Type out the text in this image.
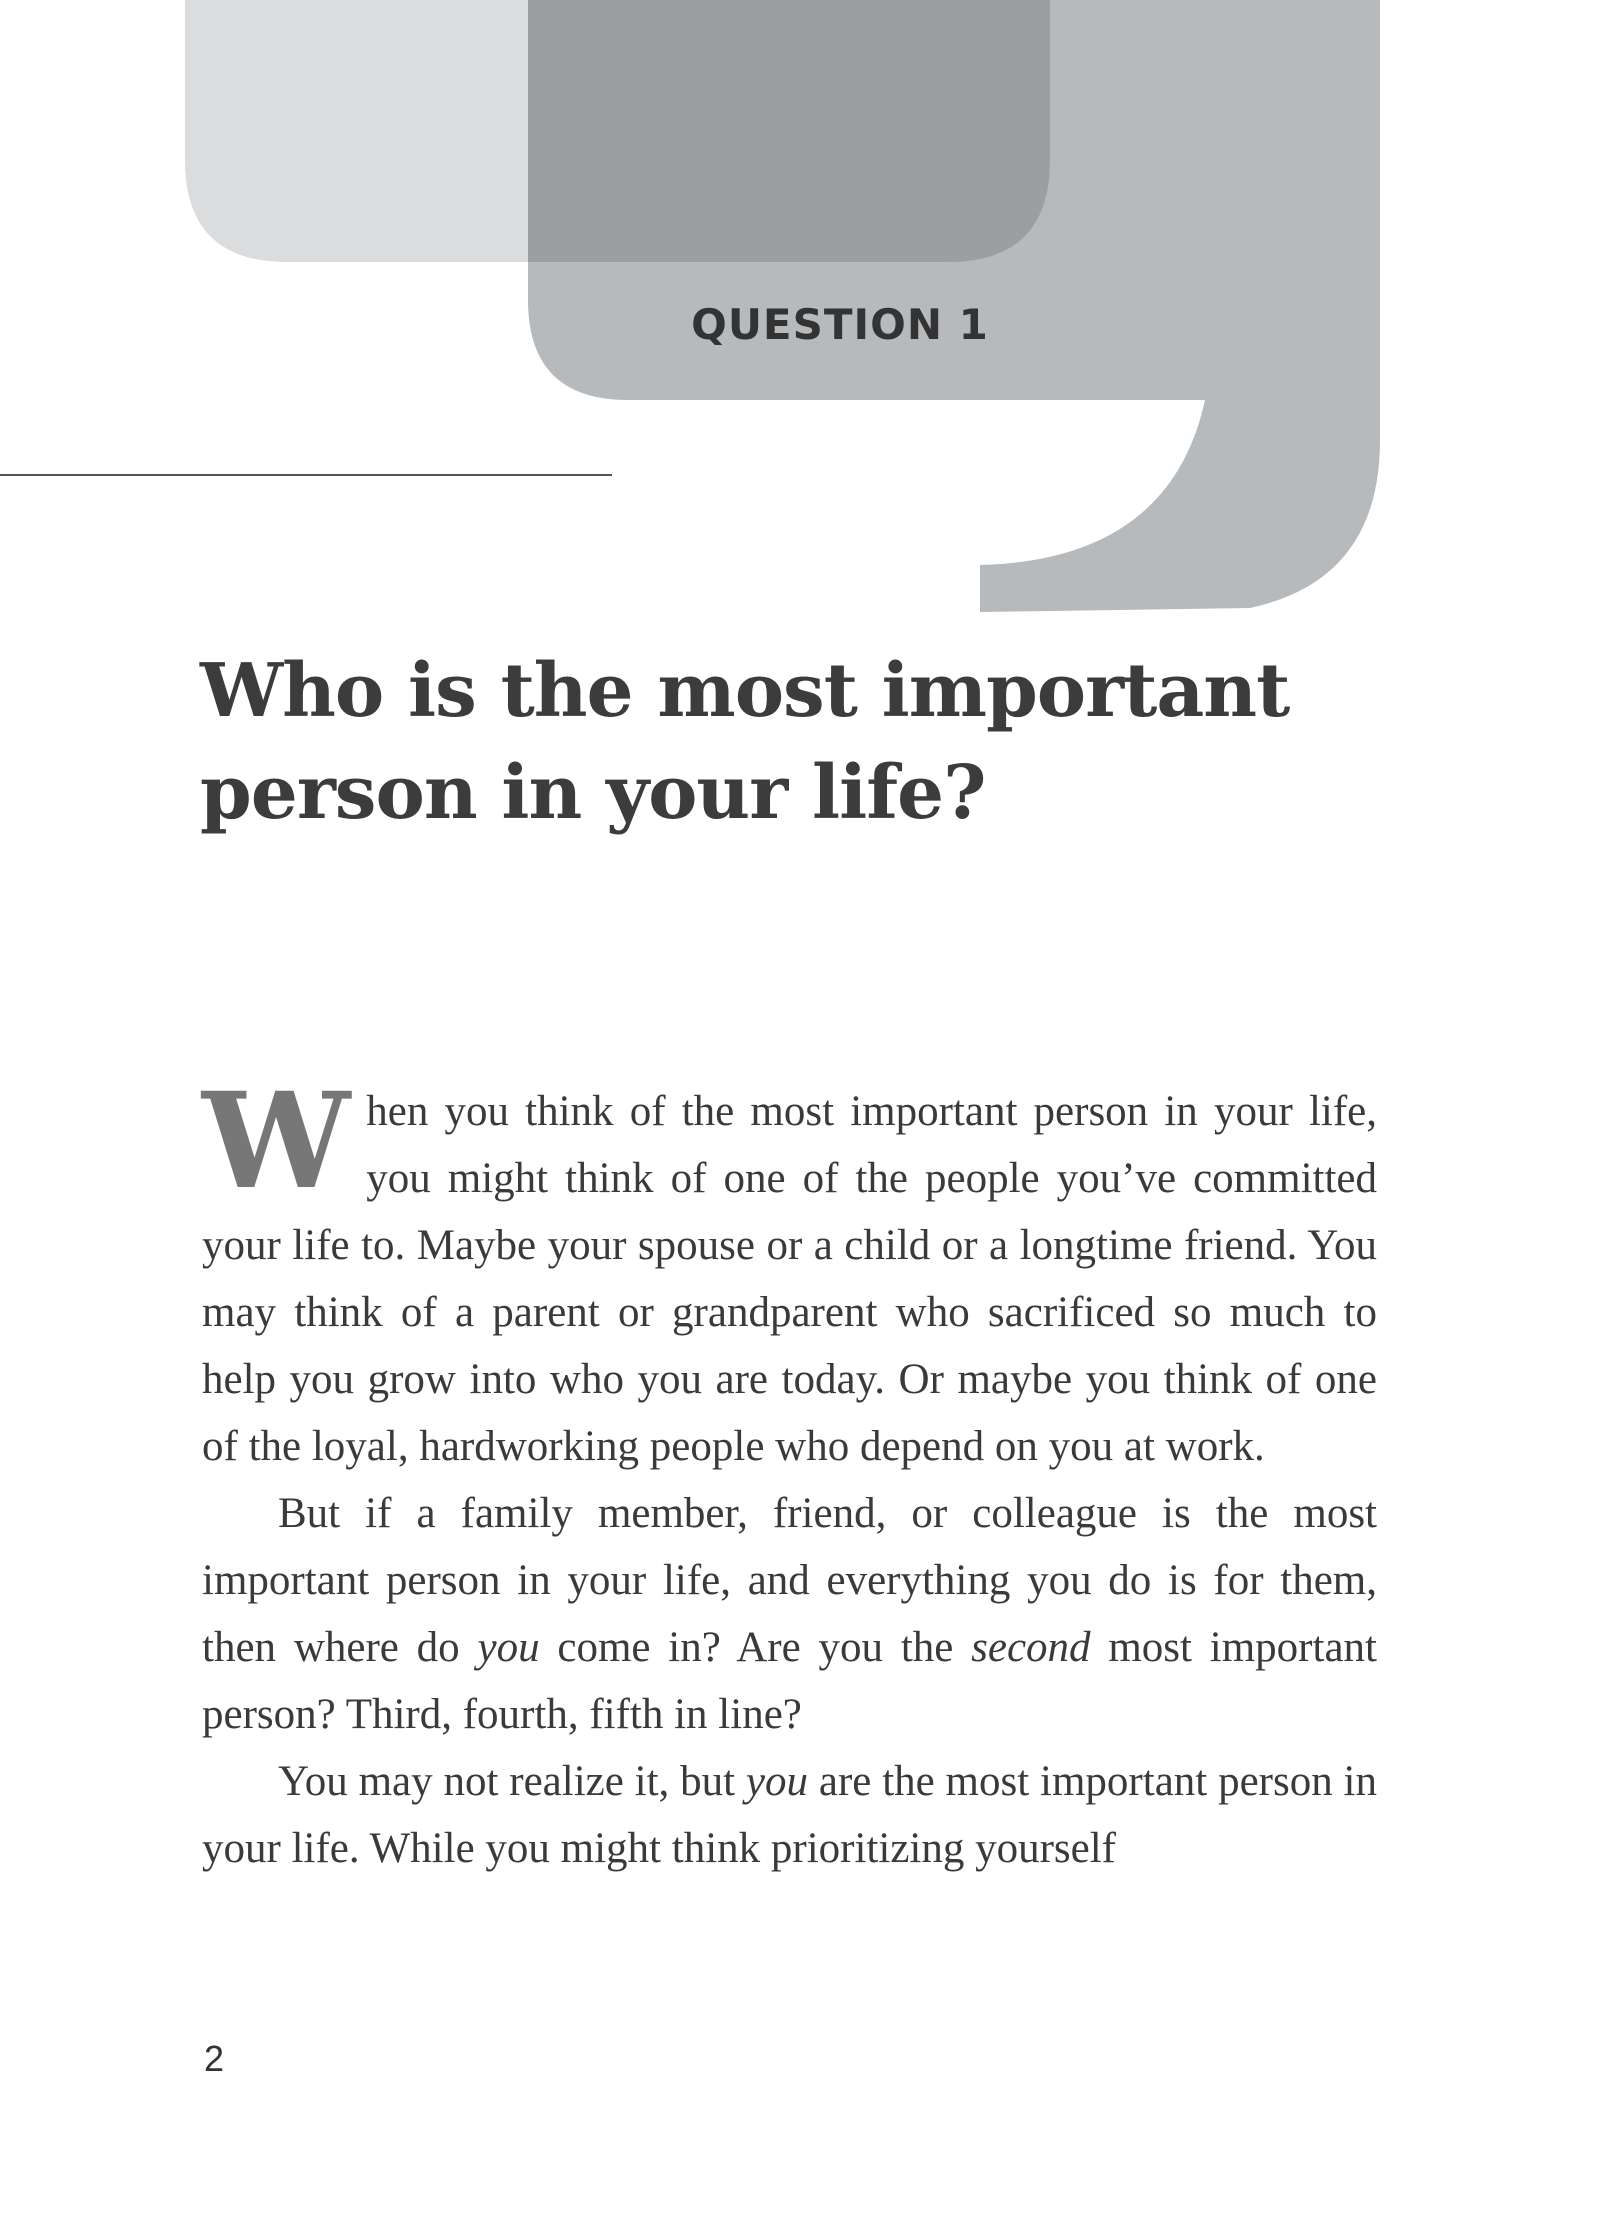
QUESTION 1
Who is the most important person in your life?

When you think of the most important person in your life, you might think of one of the people you’ve committed your life to. Maybe your spouse or a child or a longtime friend. You may think of a parent or grandparent who sacrificed so much to help you grow into who you are today. Or maybe you think of one of the loyal, hardworking people who depend on you at work.

But if a family member, friend, or colleague is the most important person in your life, and everything you do is for them, then where do you come in? Are you the second most important person? Third, fourth, fifth in line?

You may not realize it, but you are the most important person in your life. While you might think prioritizing yourself

2
